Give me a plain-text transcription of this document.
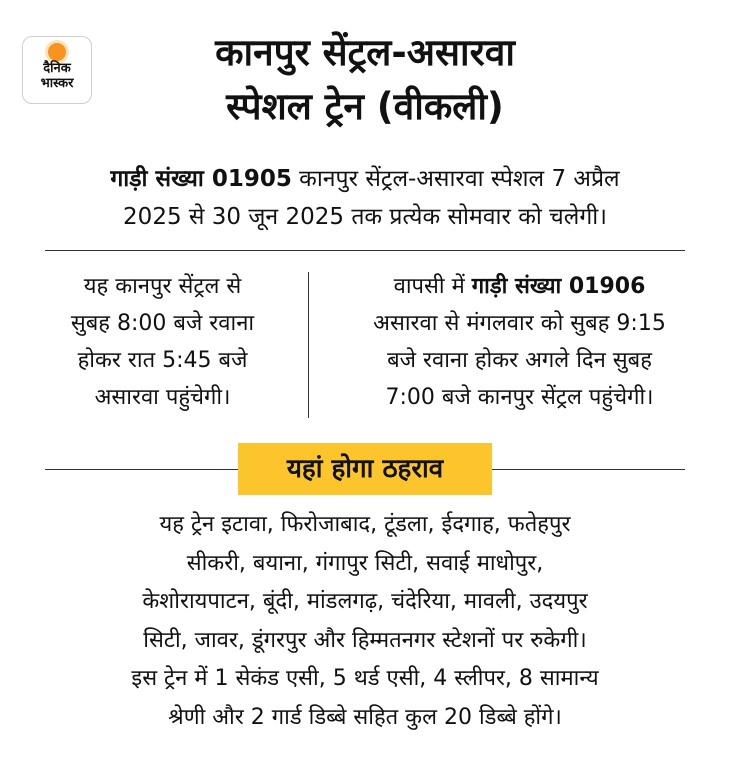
दैनिक
भास्कर
कानपुर सेंट्रल-असारवा
स्पेशल ट्रेन (वीकली)
गाड़ी संख्या 01905 कानपुर सेंट्रल-असारवा स्पेशल 7 अप्रैल
2025 से 30 जून 2025 तक प्रत्येक सोमवार को चलेगी।
यह कानपुर सेंट्रल से
सुबह 8:00 बजे रवाना
होकर रात 5:45 बजे
असारवा पहुंचेगी।
वापसी में गाड़ी संख्या 01906
असारवा से मंगलवार को सुबह 9:15
बजे रवाना होकर अगले दिन सुबह
7:00 बजे कानपुर सेंट्रल पहुंचेगी।
यहां होगा ठहराव
यह ट्रेन इटावा, फिरोजाबाद, टूंडला, ईदगाह, फतेहपुर
सीकरी, बयाना, गंगापुर सिटी, सवाई माधोपुर,
केशोरायपाटन, बूंदी, मांडलगढ़, चंदेरिया, मावली, उदयपुर
सिटी, जावर, डूंगरपुर और हिम्मतनगर स्टेशनों पर रुकेगी।
इस ट्रेन में 1 सेकंड एसी, 5 थर्ड एसी, 4 स्लीपर, 8 सामान्य
श्रेणी और 2 गार्ड डिब्बे सहित कुल 20 डिब्बे होंगे।
